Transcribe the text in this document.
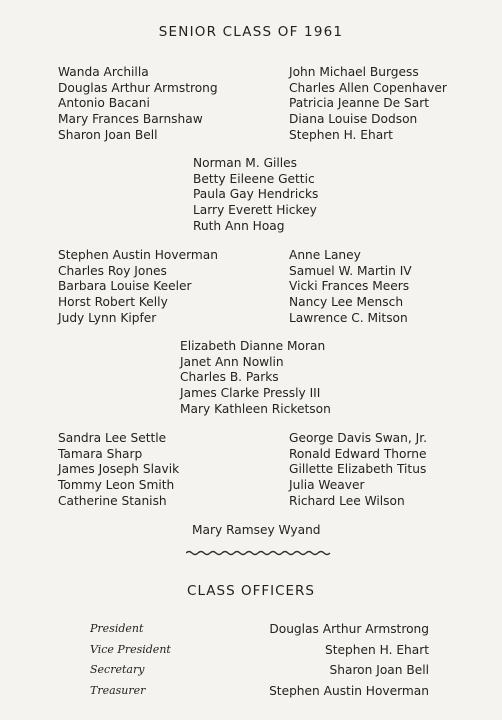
SENIOR CLASS OF 1961
Wanda Archilla
Douglas Arthur Armstrong
Antonio Bacani
Mary Frances Barnshaw
Sharon Joan Bell
John Michael Burgess
Charles Allen Copenhaver
Patricia Jeanne De Sart
Diana Louise Dodson
Stephen H. Ehart
Norman M. Gilles
Betty Eileene Gettic
Paula Gay Hendricks
Larry Everett Hickey
Ruth Ann Hoag
Stephen Austin Hoverman
Charles Roy Jones
Barbara Louise Keeler
Horst Robert Kelly
Judy Lynn Kipfer
Anne Laney
Samuel W. Martin IV
Vicki Frances Meers
Nancy Lee Mensch
Lawrence C. Mitson
Elizabeth Dianne Moran
Janet Ann Nowlin
Charles B. Parks
James Clarke Pressly III
Mary Kathleen Ricketson
Sandra Lee Settle
Tamara Sharp
James Joseph Slavik
Tommy Leon Smith
Catherine Stanish
George Davis Swan, Jr.
Ronald Edward Thorne
Gillette Elizabeth Titus
Julia Weaver
Richard Lee Wilson
Mary Ramsey Wyand
CLASS OFFICERS
President
Vice President
Secretary
Treasurer
Douglas Arthur Armstrong
Stephen H. Ehart
Sharon Joan Bell
Stephen Austin Hoverman
